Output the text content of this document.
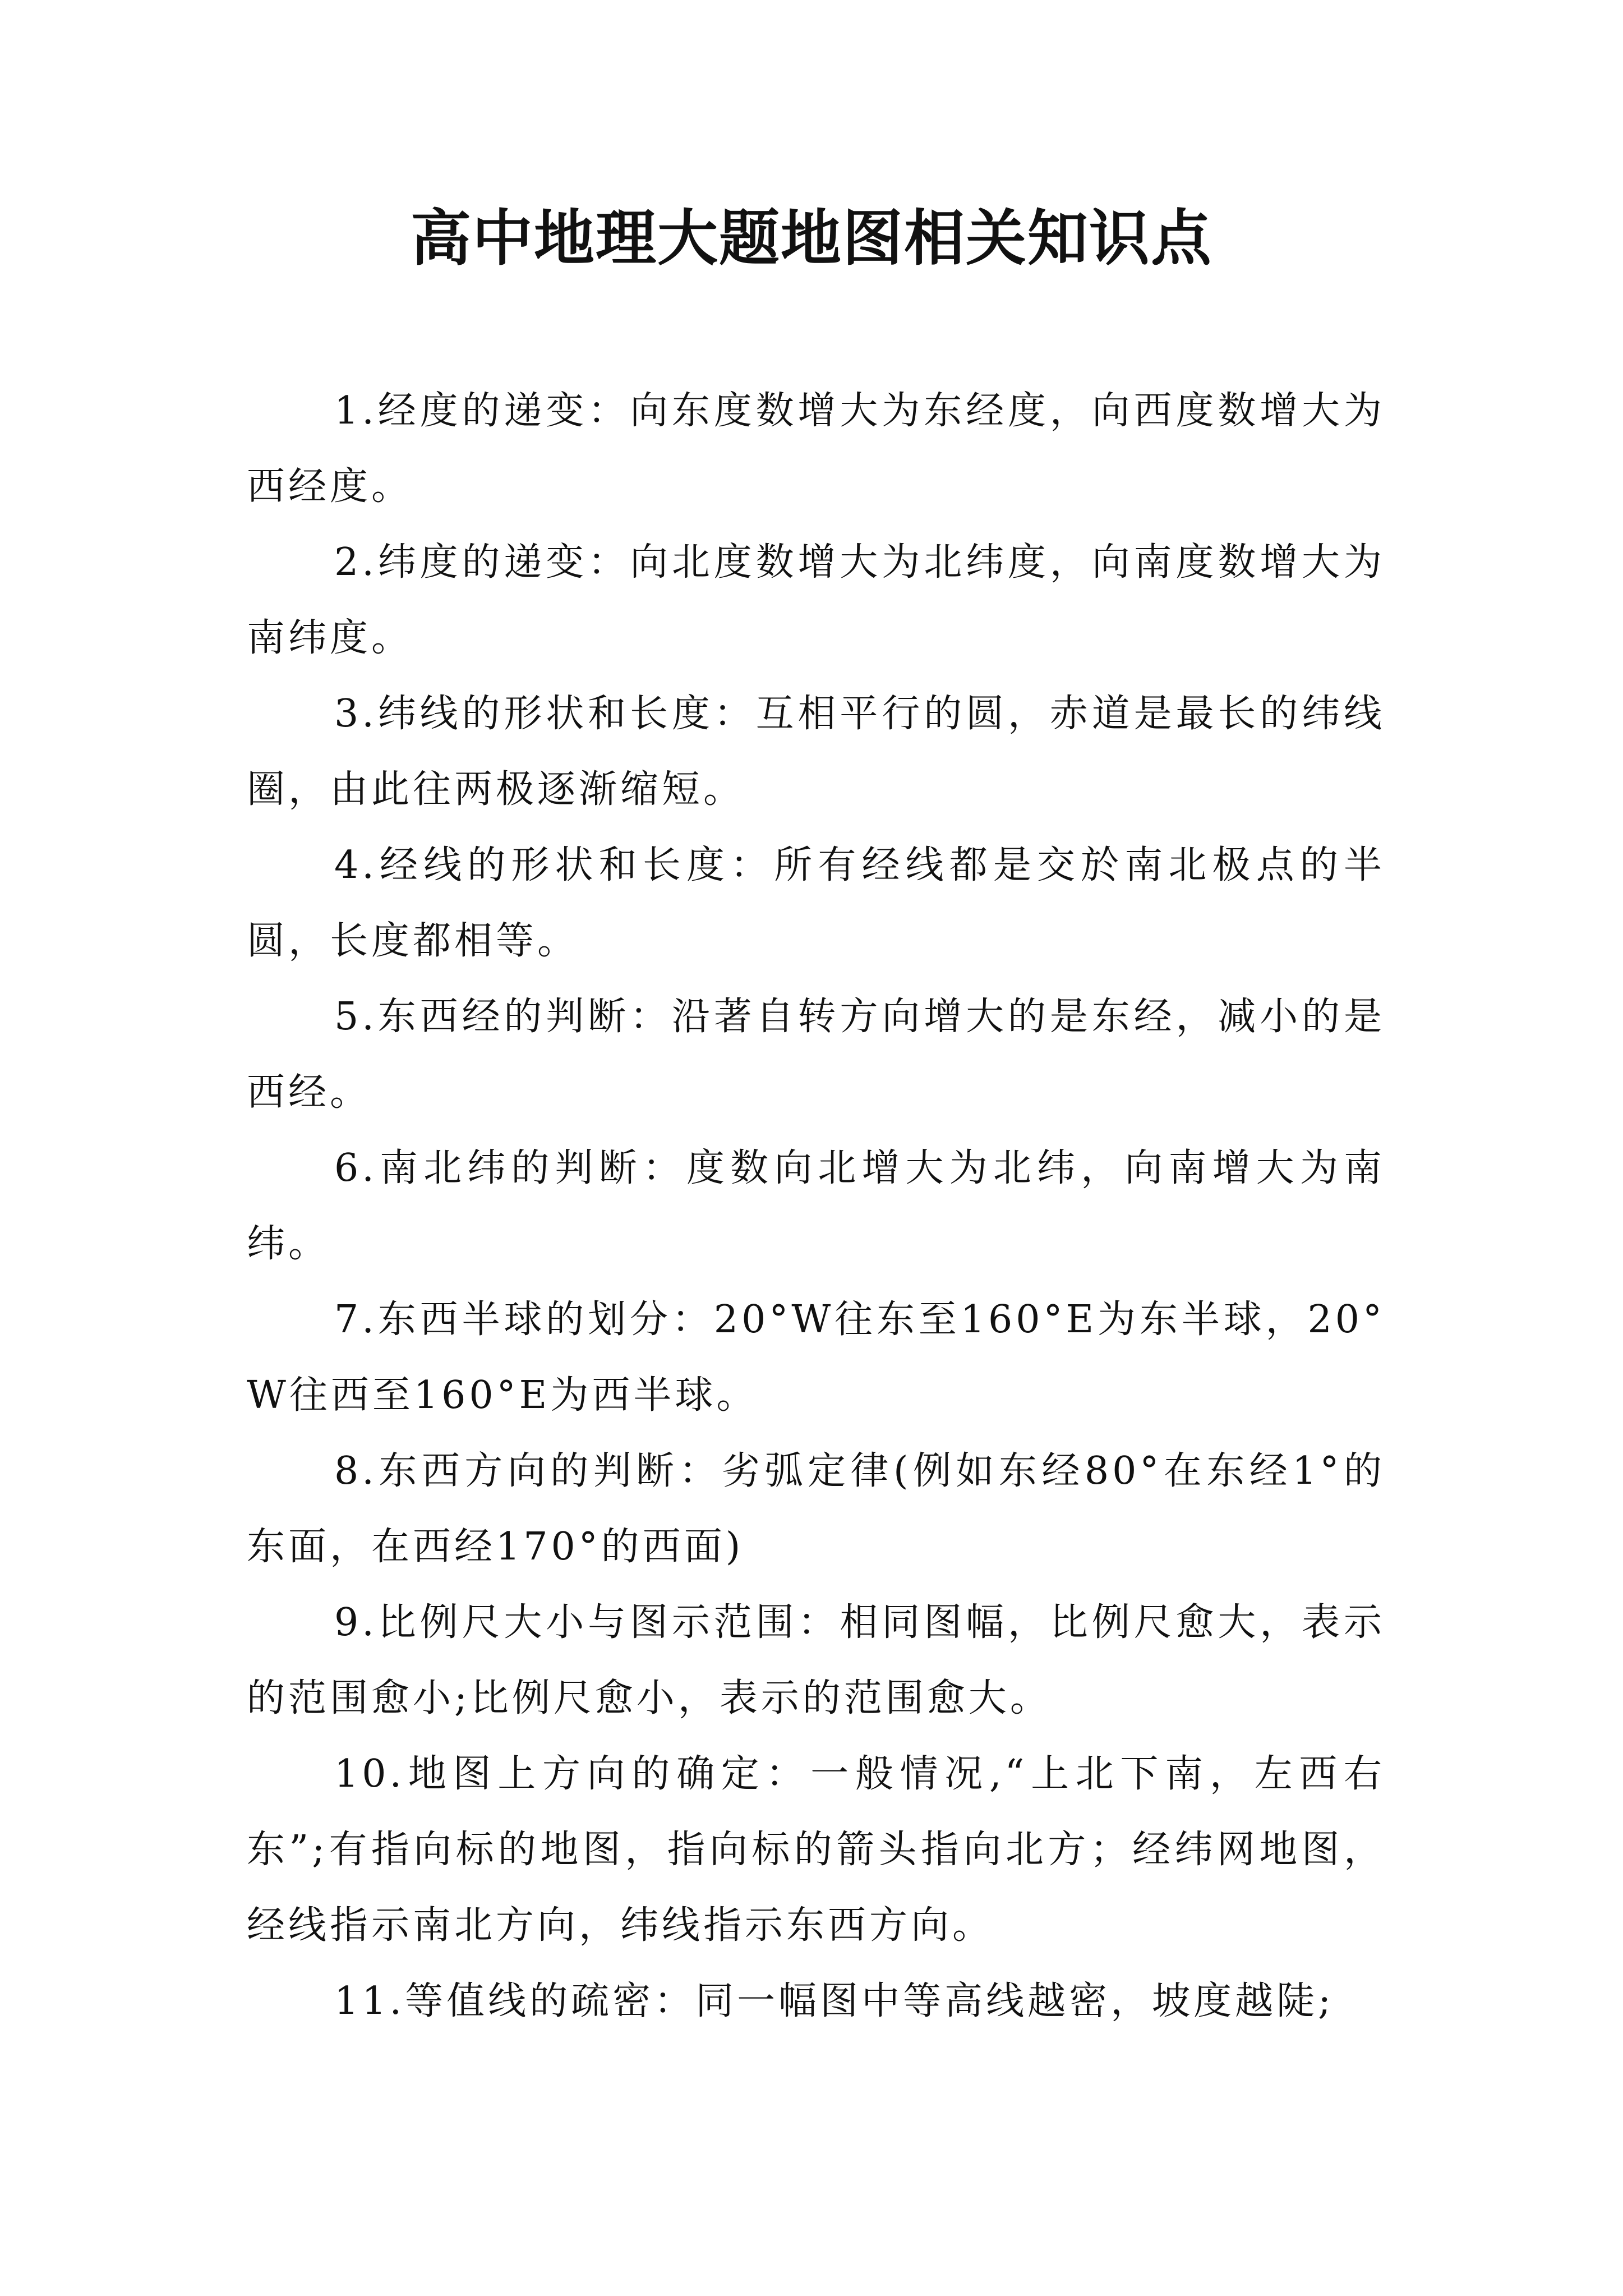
高中地理大题地图相关知识点

1.经度的递变：向东度数增大为东经度，向西度数增大为西经度。

2.纬度的递变：向北度数增大为北纬度，向南度数增大为南纬度。

3.纬线的形状和长度：互相平行的圆，赤道是最长的纬线圈，由此往两极逐渐缩短。

4.经线的形状和长度：所有经线都是交於南北极点的半圆，长度都相等。

5.东西经的判断：沿著自转方向增大的是东经，减小的是西经。

6.南北纬的判断：度数向北增大为北纬，向南增大为南纬。

7.东西半球的划分：20°W往东至160°E为东半球，20°W往西至160°E为西半球。

8.东西方向的判断：劣弧定律(例如东经80°在东经1°的东面，在西经170°的西面)

9.比例尺大小与图示范围：相同图幅，比例尺愈大，表示的范围愈小;比例尺愈小，表示的范围愈大。

10.地图上方向的确定：一般情况,“上北下南，左西右东”;有指向标的地图，指向标的箭头指向北方；经纬网地图，经线指示南北方向，纬线指示东西方向。

11.等值线的疏密：同一幅图中等高线越密，坡度越陡;
